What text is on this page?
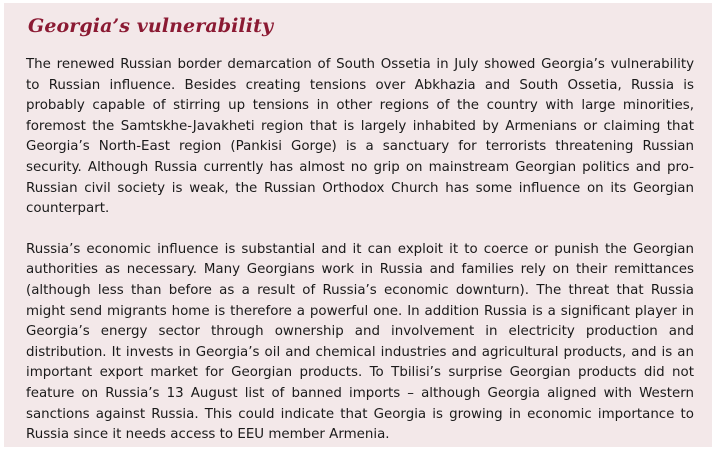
Georgia’s vulnerability

The renewed Russian border demarcation of South Ossetia in July showed Georgia’s vulnerability to Russian influence. Besides creating tensions over Abkhazia and South Ossetia, Russia is probably capable of stirring up tensions in other regions of the country with large minorities, foremost the Samtskhe-Javakheti region that is largely inhabited by Armenians or claiming that Georgia’s North-East region (Pankisi Gorge) is a sanctuary for terrorists threatening Russian security. Although Russia currently has almost no grip on mainstream Georgian politics and pro-Russian civil society is weak, the Russian Orthodox Church has some influence on its Georgian counterpart.

Russia’s economic influence is substantial and it can exploit it to coerce or punish the Georgian authorities as necessary. Many Georgians work in Russia and families rely on their remittances (although less than before as a result of Russia’s economic downturn). The threat that Russia might send migrants home is therefore a powerful one. In addition Russia is a significant player in Georgia’s energy sector through ownership and involvement in electricity production and distribution. It invests in Georgia’s oil and chemical industries and agricultural products, and is an important export market for Georgian products. To Tbilisi’s surprise Georgian products did not feature on Russia’s 13 August list of banned imports – although Georgia aligned with Western sanctions against Russia. This could indicate that Georgia is growing in economic importance to Russia since it needs access to EEU member Armenia.
